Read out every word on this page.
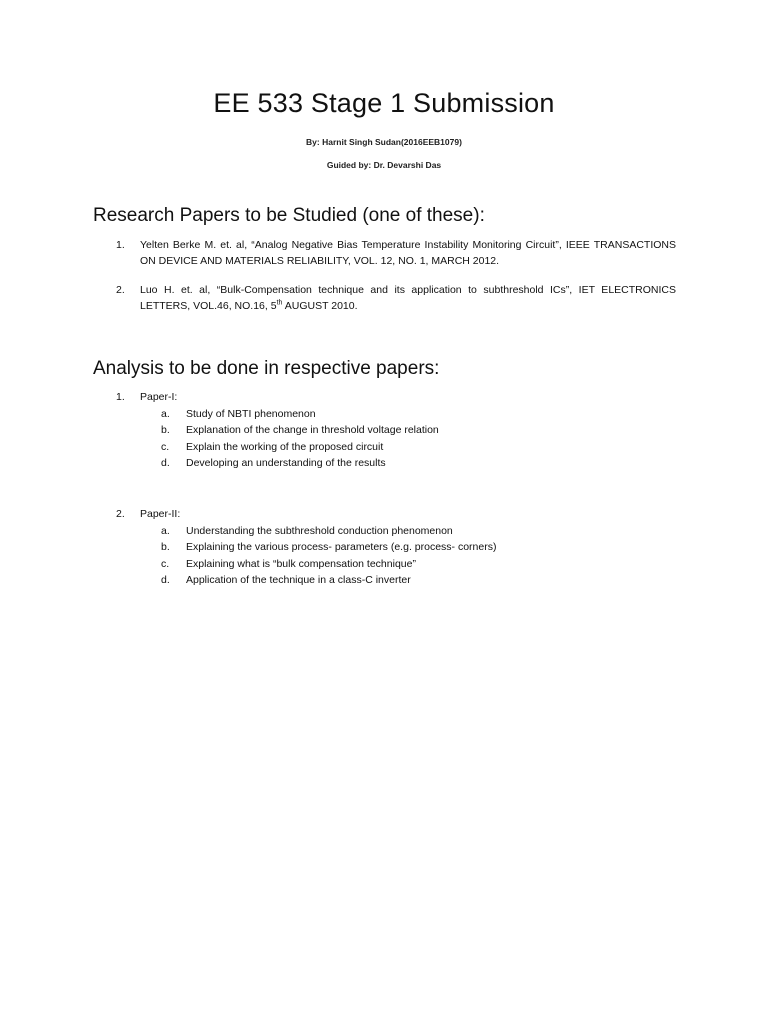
EE 533 Stage 1 Submission
By: Harnit Singh Sudan(2016EEB1079)
Guided by: Dr. Devarshi Das
Research Papers to be Studied (one of these):
1. Yelten Berke M. et. al, “Analog Negative Bias Temperature Instability Monitoring Circuit”, IEEE TRANSACTIONS ON DEVICE AND MATERIALS RELIABILITY, VOL. 12, NO. 1, MARCH 2012.
2. Luo H. et. al, “Bulk-Compensation technique and its application to subthreshold ICs”, IET ELECTRONICS LETTERS, VOL.46, NO.16, 5th AUGUST 2010.
Analysis to be done in respective papers:
1. Paper-I:
a. Study of NBTI phenomenon
b. Explanation of the change in threshold voltage relation
c. Explain the working of the proposed circuit
d. Developing an understanding of the results
2. Paper-II:
a. Understanding the subthreshold conduction phenomenon
b. Explaining the various process- parameters (e.g. process- corners)
c. Explaining what is “bulk compensation technique”
d. Application of the technique in a class-C inverter
